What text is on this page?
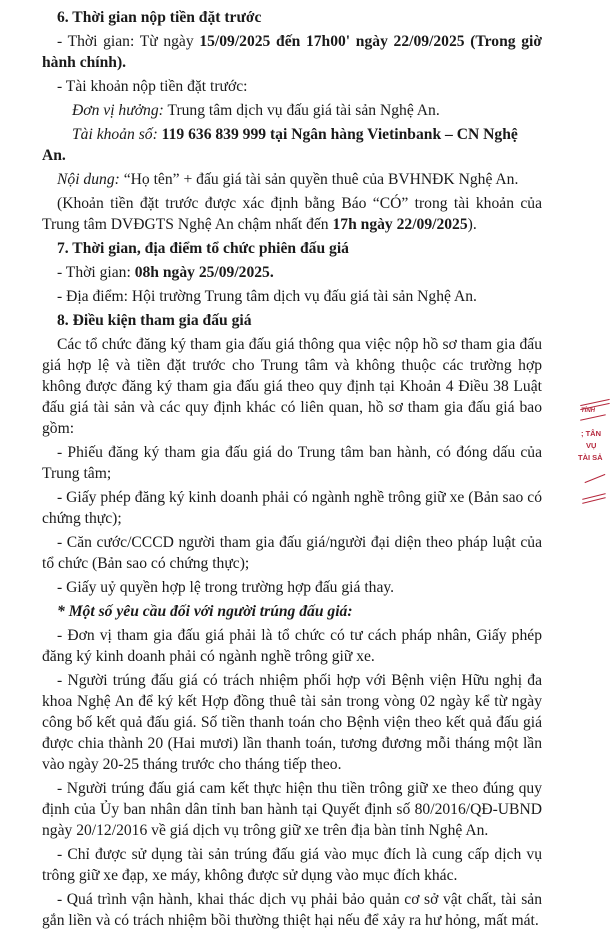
6. Thời gian nộp tiền đặt trước

- Thời gian: Từ ngày 15/09/2025 đến 17h00' ngày 22/09/2025 (Trong giờ hành chính).

- Tài khoản nộp tiền đặt trước:

Đơn vị hưởng: Trung tâm dịch vụ đấu giá tài sản Nghệ An.

Tài khoản số: 119 636 839 999 tại Ngân hàng Vietinbank – CN Nghệ An.

Nội dung: “Họ tên” + đấu giá tài sản quyền thuê của BVHNĐK Nghệ An.

(Khoản tiền đặt trước được xác định bằng Báo “CÓ” trong tài khoản của Trung tâm DVĐGTS Nghệ An chậm nhất đến 17h ngày 22/09/2025).

7. Thời gian, địa điểm tổ chức phiên đấu giá

- Thời gian: 08h ngày 25/09/2025.

- Địa điểm: Hội trường Trung tâm dịch vụ đấu giá tài sản Nghệ An.

8. Điều kiện tham gia đấu giá

Các tổ chức đăng ký tham gia đấu giá thông qua việc nộp hồ sơ tham gia đấu giá hợp lệ và tiền đặt trước cho Trung tâm và không thuộc các trường hợp không được đăng ký tham gia đấu giá theo quy định tại Khoản 4 Điều 38 Luật đấu giá tài sản và các quy định khác có liên quan, hồ sơ tham gia đấu giá bao gồm:

- Phiếu đăng ký tham gia đấu giá do Trung tâm ban hành, có đóng dấu của Trung tâm;

- Giấy phép đăng ký kinh doanh phải có ngành nghề trông giữ xe (Bản sao có chứng thực);

- Căn cước/CCCD người tham gia đấu giá/người đại diện theo pháp luật của tổ chức (Bản sao có chứng thực);

- Giấy uỷ quyền hợp lệ trong trường hợp đấu giá thay.

* Một số yêu cầu đối với người trúng đấu giá:

- Đơn vị tham gia đấu giá phải là tổ chức có tư cách pháp nhân, Giấy phép đăng ký kinh doanh phải có ngành nghề trông giữ xe.

- Người trúng đấu giá có trách nhiệm phối hợp với Bệnh viện Hữu nghị đa khoa Nghệ An để ký kết Hợp đồng thuê tài sản trong vòng 02 ngày kể từ ngày công bố kết quả đấu giá. Số tiền thanh toán cho Bệnh viện theo kết quả đấu giá được chia thành 20 (Hai mươi) lần thanh toán, tương đương mỗi tháng một lần vào ngày 20-25 tháng trước cho tháng tiếp theo.

- Người trúng đấu giá cam kết thực hiện thu tiền trông giữ xe theo đúng quy định của Ủy ban nhân dân tỉnh ban hành tại Quyết định số 80/2016/QĐ-UBND ngày 20/12/2016 về giá dịch vụ trông giữ xe trên địa bàn tỉnh Nghệ An.

- Chỉ được sử dụng tài sản trúng đấu giá vào mục đích là cung cấp dịch vụ trông giữ xe đạp, xe máy, không được sử dụng vào mục đích khác.

- Quá trình vận hành, khai thác dịch vụ phải bảo quản cơ sở vật chất, tài sản gắn liền và có trách nhiệm bồi thường thiệt hại nếu để xảy ra hư hỏng, mất mát.

TỈNH
; TÂN
VỤ
TÀI SẢ
